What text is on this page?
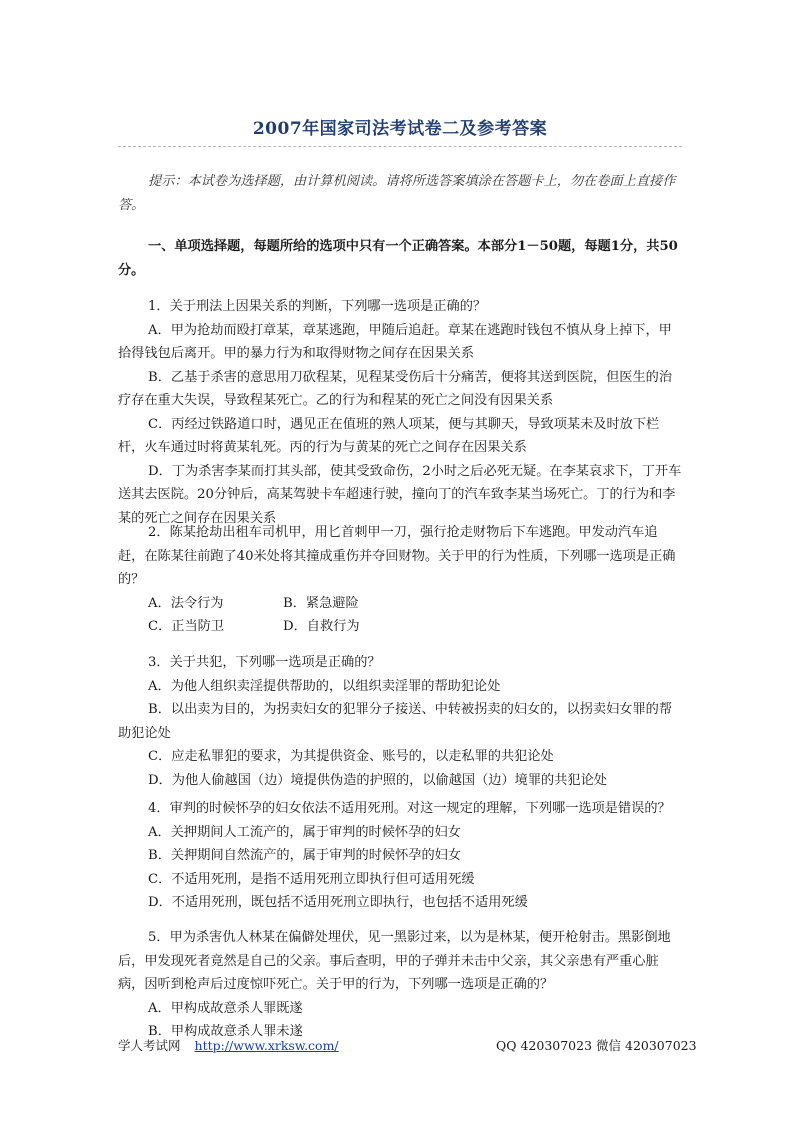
2007年国家司法考试卷二及参考答案
提示：本试卷为选择题，由计算机阅读。请将所选答案填涂在答题卡上，勿在卷面上直接作答。
一、单项选择题，每题所给的选项中只有一个正确答案。本部分1－50题，每题1分，共50分。
1．关于刑法上因果关系的判断，下列哪一选项是正确的？
A．甲为抢劫而殴打章某，章某逃跑，甲随后追赶。章某在逃跑时钱包不慎从身上掉下，甲拾得钱包后离开。甲的暴力行为和取得财物之间存在因果关系
B．乙基于杀害的意思用刀砍程某，见程某受伤后十分痛苦，便将其送到医院，但医生的治疗存在重大失误，导致程某死亡。乙的行为和程某的死亡之间没有因果关系
C．丙经过铁路道口时，遇见正在值班的熟人项某，便与其聊天，导致项某未及时放下栏杆，火车通过时将黄某轧死。丙的行为与黄某的死亡之间存在因果关系
D．丁为杀害李某而打其头部，使其受致命伤，2小时之后必死无疑。在李某哀求下，丁开车送其去医院。20分钟后，高某驾驶卡车超速行驶，撞向丁的汽车致李某当场死亡。丁的行为和李某的死亡之间存在因果关系
2．陈某抢劫出租车司机甲，用匕首刺甲一刀，强行抢走财物后下车逃跑。甲发动汽车追赶，在陈某往前跑了40米处将其撞成重伤并夺回财物。关于甲的行为性质，下列哪一选项是正确的？
A．法令行为	B．紧急避险
C．正当防卫	D．自救行为
3．关于共犯，下列哪一选项是正确的？
A．为他人组织卖淫提供帮助的，以组织卖淫罪的帮助犯论处
B．以出卖为目的，为拐卖妇女的犯罪分子接送、中转被拐卖的妇女的，以拐卖妇女罪的帮助犯论处
C．应走私罪犯的要求，为其提供资金、账号的，以走私罪的共犯论处
D．为他人偷越国（边）境提供伪造的护照的，以偷越国（边）境罪的共犯论处
4．审判的时候怀孕的妇女依法不适用死刑。对这一规定的理解，下列哪一选项是错误的？
A．关押期间人工流产的，属于审判的时候怀孕的妇女
B．关押期间自然流产的，属于审判的时候怀孕的妇女
C．不适用死刑，是指不适用死刑立即执行但可适用死缓
D．不适用死刑，既包括不适用死刑立即执行，也包括不适用死缓
5．甲为杀害仇人林某在偏僻处埋伏，见一黑影过来，以为是林某，便开枪射击。黑影倒地后，甲发现死者竟然是自己的父亲。事后查明，甲的子弹并未击中父亲，其父亲患有严重心脏病，因听到枪声后过度惊吓死亡。关于甲的行为，下列哪一选项是正确的？
A．甲构成故意杀人罪既遂
B．甲构成故意杀人罪未遂
学人考试网 http://www.xrksw.com/	QQ 420307023 微信 420307023
